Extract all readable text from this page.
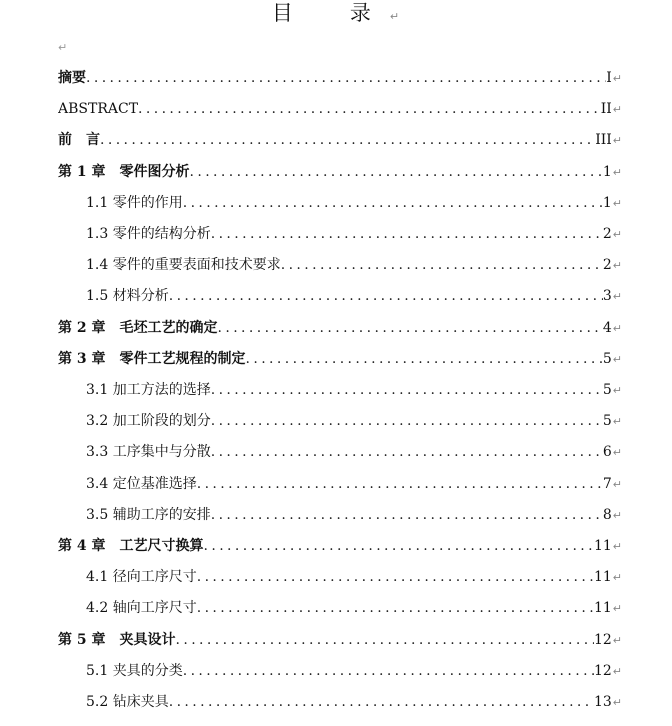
目　录↵
↵
摘要 .....	I ↵
ABSTRACT .....	II ↵
前　言 .....	III ↵
第 1 章　零件图分析 .....	1 ↵
1.1 零件的作用 .....	1 ↵
1.3 零件的结构分析 .....	2 ↵
1.4 零件的重要表面和技术要求 .....	2 ↵
1.5 材料分析 .....	3 ↵
第 2 章　毛坯工艺的确定 .....	4 ↵
第 3 章　零件工艺规程的制定 .....	5 ↵
3.1 加工方法的选择 .....	5 ↵
3.2 加工阶段的划分 .....	5 ↵
3.3 工序集中与分散 .....	6 ↵
3.4 定位基准选择 .....	7 ↵
3.5 辅助工序的安排 .....	8 ↵
第 4 章　工艺尺寸换算 .....	11 ↵
4.1 径向工序尺寸 .....	11 ↵
4.2 轴向工序尺寸 .....	11 ↵
第 5 章　夹具设计 .....	12 ↵
5.1 夹具的分类 .....	12 ↵
5.2 钻床夹具 .....	13 ↵
